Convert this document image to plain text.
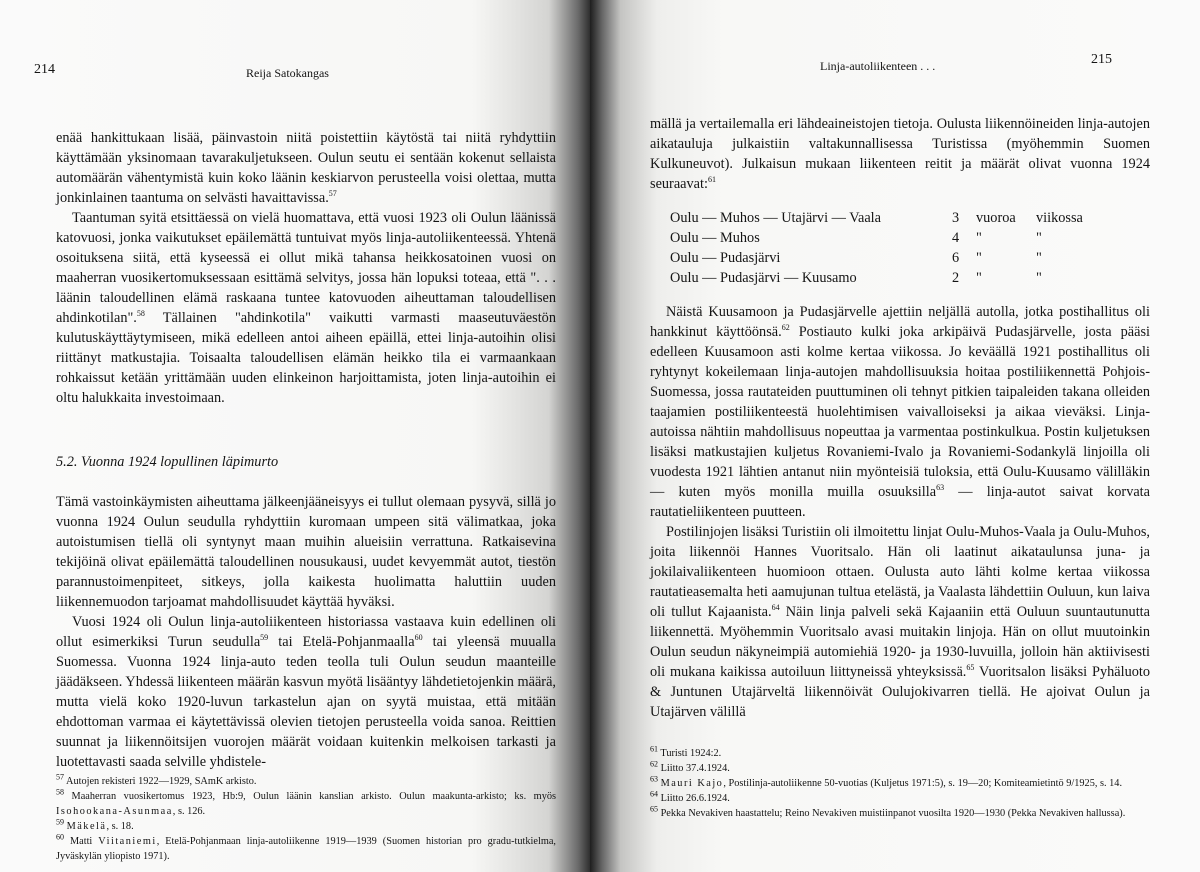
214	Reija Satokangas

enää hankittukaan lisää, päinvastoin niitä poistettiin käytöstä tai niitä ryhdyttiin käyttämään yksinomaan tavarakuljetukseen. Oulun seutu ei sentään kokenut sellaista automäärän vähentymistä kuin koko läänin keskiarvon perusteella voisi olettaa, mutta jonkinlainen taantuma on selvästi havaittavissa.$^{57}$

Taantuman syitä etsittäessä on vielä huomattava, että vuosi 1923 oli Oulun läänissä katovuosi, jonka vaikutukset epäilemättä tuntuivat myös linja-autoliikenteessä. Yhtenä osoituksena siitä, että kyseessä ei ollut mikä tahansa heikkosatoinen vuosi on maaherran vuosikertomuksessaan esittämä selvitys, jossa hän lopuksi toteaa, että ". . . läänin taloudellinen elämä raskaana tuntee katovuoden aiheuttaman taloudellisen ahdinkotilan".$^{58}$ Tällainen "ahdinkotila" vaikutti varmasti maaseutuväestön kulutuskäyttäytymiseen, mikä edelleen antoi aiheen epäillä, ettei linja-autoihin olisi riittänyt matkustajia. Toisaalta taloudellisen elämän heikko tila ei varmaankaan rohkaissut ketään yrittämään uuden elinkeinon harjoittamista, joten linja-autoihin ei oltu halukkaita investoimaan.

5.2. Vuonna 1924 lopullinen läpimurto

Tämä vastoinkäymisten aiheuttama jälkeenjääneisyys ei tullut olemaan pysyvä, sillä jo vuonna 1924 Oulun seudulla ryhdyttiin kuromaan umpeen sitä välimatkaa, joka autoistumisen tiellä oli syntynyt maan muihin alueisiin verrattuna. Ratkaisevina tekijöinä olivat epäilemättä taloudellinen nousukausi, uudet kevyemmät autot, tiestön parannustoimenpiteet, sitkeys, jolla kaikesta huolimatta haluttiin uuden liikennemuodon tarjoamat mahdollisuudet käyttää hyväksi.

Vuosi 1924 oli Oulun linja-autoliikenteen historiassa vastaava kuin edellinen oli ollut esimerkiksi Turun seudulla$^{59}$ tai Etelä-Pohjanmaalla$^{60}$ tai yleensä muualla Suomessa. Vuonna 1924 linja-auto teden teolla tuli Oulun seudun maanteille jäädäkseen. Yhdessä liikenteen määrän kasvun myötä lisääntyy lähdetietojenkin määrä, mutta vielä koko 1920-luvun tarkastelun ajan on syytä muistaa, että mitään ehdottoman varmaa ei käytettävissä olevien tietojen perusteella voida sanoa. Reittien suunnat ja liikennöitsijen vuorojen määrät voidaan kuitenkin melkoisen tarkasti ja luotettavasti saada selville yhdistele-

$^{57}$ Autojen rekisteri 1922—1929, SAmK arkisto.

$^{58}$ Maaherran vuosikertomus 1923, Hb:9, Oulun läänin kanslian arkisto. Oulun maakunta-arkisto; ks. myös Isohookana-Asunmaa, s. 126.

$^{59}$ Mäkelä, s. 18.

$^{60}$ Matti Viitaniemi, Etelä-Pohjanmaan linja-autoliikenne 1919—1939 (Suomen historian pro gradu-tutkielma, Jyväskylän yliopisto 1971).

Linja-autoliikenteen . . .	215

mällä ja vertailemalla eri lähdeaineistojen tietoja. Oulusta liikennöineiden linja-autojen aikatauluja julkaistiin valtakunnallisessa Turistissa (myöhemmin Suomen Kulkuneuvot). Julkaisun mukaan liikenteen reitit ja määrät olivat vuonna 1924 seuraavat:$^{61}$

Oulu — Muhos — Utajärvi — Vaala	3	vuoroa	viikossa
Oulu — Muhos	4	"	"
Oulu — Pudasjärvi	6	"	"
Oulu — Pudasjärvi — Kuusamo	2	"	"

Näistä Kuusamoon ja Pudasjärvelle ajettiin neljällä autolla, jotka postihallitus oli hankkinut käyttöönsä.$^{62}$ Postiauto kulki joka arkipäivä Pudasjärvelle, josta pääsi edelleen Kuusamoon asti kolme kertaa viikossa. Jo keväällä 1921 postihallitus oli ryhtynyt kokeilemaan linja-autojen mahdollisuuksia hoitaa postiliikennettä Pohjois-Suomessa, jossa rautateiden puuttuminen oli tehnyt pitkien taipaleiden takana olleiden taajamien postiliikenteestä huolehtimisen vaivalloiseksi ja aikaa vieväksi. Linja-autoissa nähtiin mahdollisuus nopeuttaa ja varmentaa postinkulkua. Postin kuljetuksen lisäksi matkustajien kuljetus Rovaniemi-Ivalo ja Rovaniemi-Sodankylä linjoilla oli vuodesta 1921 lähtien antanut niin myönteisiä tuloksia, että Oulu-Kuusamo välilläkin — kuten myös monilla muilla osuuksilla$^{63}$ — linja-autot saivat korvata rautatieliikenteen puutteen.

Postilinjojen lisäksi Turistiin oli ilmoitettu linjat Oulu-Muhos-Vaala ja Oulu-Muhos, joita liikennöi Hannes Vuoritsalo. Hän oli laatinut aikataulunsa juna- ja jokilaivaliikenteen huomioon ottaen. Oulusta auto lähti kolme kertaa viikossa rautatieasemalta heti aamujunan tultua etelästä, ja Vaalasta lähdettiin Ouluun, kun laiva oli tullut Kajaanista.$^{64}$ Näin linja palveli sekä Kajaaniin että Ouluun suuntautunutta liikennettä. Myöhemmin Vuoritsalo avasi muitakin linjoja. Hän on ollut muutoinkin Oulun seudun näkyneimpiä automiehiä 1920- ja 1930-luvuilla, jolloin hän aktiivisesti oli mukana kaikissa autoiluun liittyneissä yhteyksissä.$^{65}$ Vuoritsalon lisäksi Pyhäluoto & Juntunen Utajärveltä liikennöivät Oulujokivarren tiellä. He ajoivat Oulun ja Utajärven välillä

$^{61}$ Turisti 1924:2.

$^{62}$ Liitto 37.4.1924.

$^{63}$ Mauri Kajo, Postilinja-autoliikenne 50-vuotias (Kuljetus 1971:5), s. 19—20; Komiteamietintö 9/1925, s. 14.

$^{64}$ Liitto 26.6.1924.

$^{65}$ Pekka Nevakiven haastattelu; Reino Nevakiven muistiinpanot vuosilta 1920—1930 (Pekka Nevakiven hallussa).
